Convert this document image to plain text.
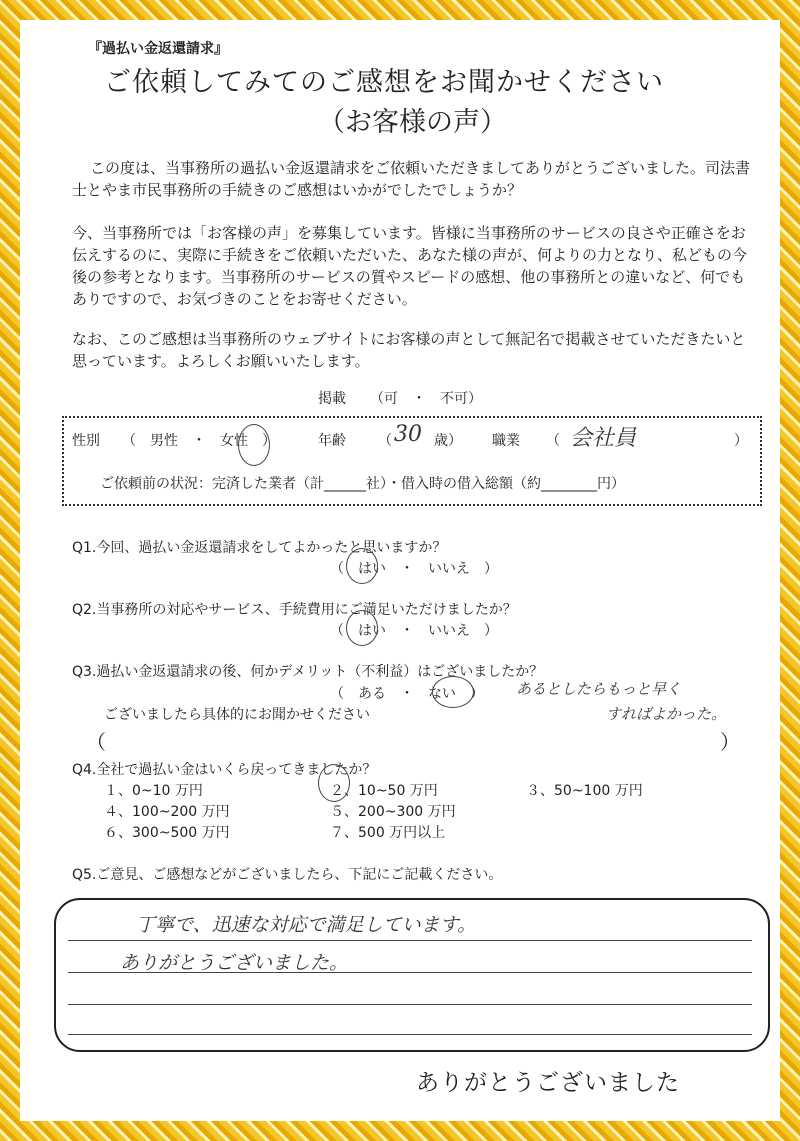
『過払い金返還請求』
ご依頼してみてのご感想をお聞かせください
（お客様の声）
この度は、当事務所の過払い金返還請求をご依頼いただきましてありがとうございました。司法書士とやま市民事務所の手続きのご感想はいかがでしたでしょうか？
今、当事務所では「お客様の声」を募集しています。皆様に当事務所のサービスの良さや正確さをお伝えするのに、実際に手続きをご依頼いただいた、あなた様の声が、何よりの力となり、私どもの今後の参考となります。当事務所のサービスの質やスピードの感想、他の事務所との違いなど、何でもありですので、お気づきのことをお寄せください。
なお、このご感想は当事務所のウェブサイトにお客様の声として無記名で掲載させていただきたいと思っています。よろしくお願いいたします。
掲載 （可　・　不可）
性別 （　男性　・　女性　）	年齢 （ 30 歳） 職業 （ 会社員	）
ご依頼前の状況：完済した業者（計______社）・借入時の借入総額（約________円）
Q1.今回、過払い金返還請求をしてよかったと思いますか？
（　はい　・　いいえ　）
Q2.当事務所の対応やサービス、手続費用にご満足いただけましたか？
（　はい　・　いいえ　）
Q3.過払い金返還請求の後、何かデメリット（不利益）はございましたか？
（　ある　・　ない　） あるとしたらもっと早く
すればよかった。
ございましたら具体的にお聞かせください
（	）
Q4.全社で過払い金はいくら戻ってきましたか？
１、0~10 万円	２、10~50 万円	３、50~100 万円
４、100~200 万円	５、200~300 万円
６、300~500 万円	７、500 万円以上
Q5.ご意見、ご感想などがございましたら、下記にご記載ください。
丁寧で、迅速な対応で満足しています。
ありがとうございました。
ありがとうございました
